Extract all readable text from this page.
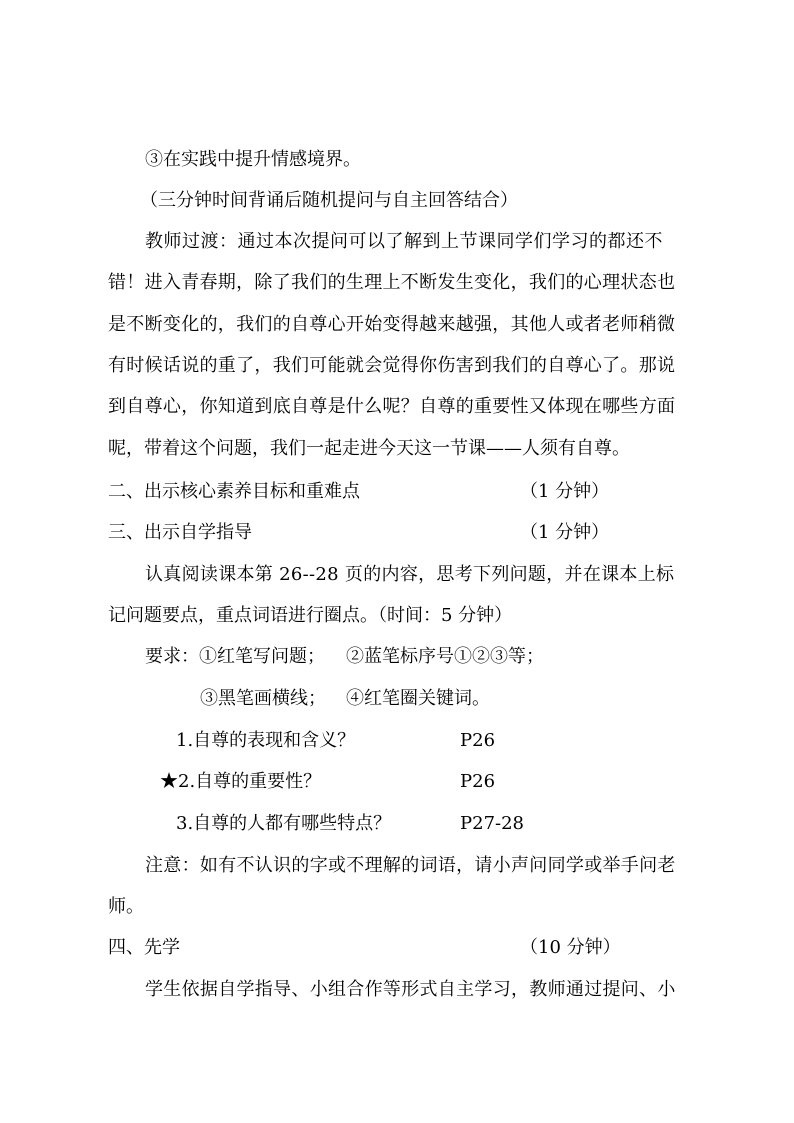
③在实践中提升情感境界。
（三分钟时间背诵后随机提问与自主回答结合）
教师过渡：通过本次提问可以了解到上节课同学们学习的都还不
错！进入青春期，除了我们的生理上不断发生变化，我们的心理状态也
是不断变化的，我们的自尊心开始变得越来越强，其他人或者老师稍微
有时候话说的重了，我们可能就会觉得你伤害到我们的自尊心了。那说
到自尊心，你知道到底自尊是什么呢？自尊的重要性又体现在哪些方面
呢，带着这个问题，我们一起走进今天这一节课——人须有自尊。
二、出示核心素养目标和重难点	（1 分钟）
三、出示自学指导	（1 分钟）
认真阅读课本第 26--28 页的内容，思考下列问题，并在课本上标
记问题要点，重点词语进行圈点。（时间：5 分钟）
要求：①红笔写问题； ②蓝笔标序号①②③等；
③黑笔画横线； ④红笔圈关键词。
1.自尊的表现和含义？	P26
★2.自尊的重要性？	P26
3.自尊的人都有哪些特点？	P27-28
注意：如有不认识的字或不理解的词语，请小声问同学或举手问老
师。
四、先学	（10 分钟）
学生依据自学指导、小组合作等形式自主学习，教师通过提问、小
